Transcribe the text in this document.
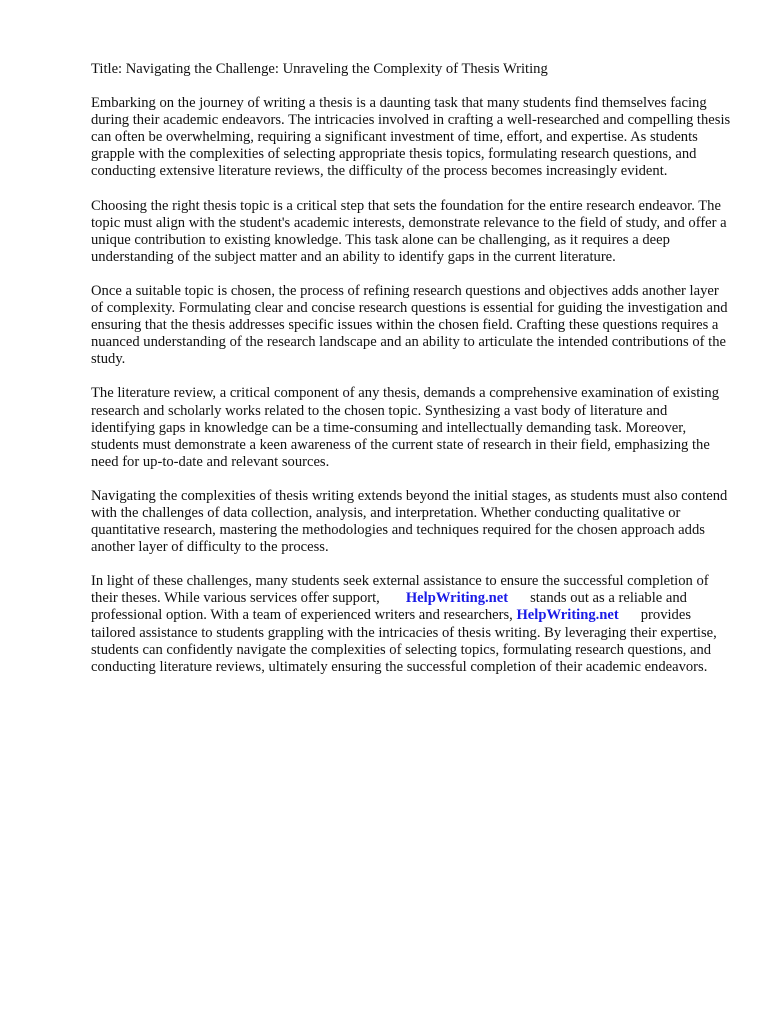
Title: Navigating the Challenge: Unraveling the Complexity of Thesis Writing

Embarking on the journey of writing a thesis is a daunting task that many students find themselves facing during their academic endeavors. The intricacies involved in crafting a well-researched and compelling thesis can often be overwhelming, requiring a significant investment of time, effort, and expertise. As students grapple with the complexities of selecting appropriate thesis topics, formulating research questions, and conducting extensive literature reviews, the difficulty of the process becomes increasingly evident.

Choosing the right thesis topic is a critical step that sets the foundation for the entire research endeavor. The topic must align with the student's academic interests, demonstrate relevance to the field of study, and offer a unique contribution to existing knowledge. This task alone can be challenging, as it requires a deep understanding of the subject matter and an ability to identify gaps in the current literature.

Once a suitable topic is chosen, the process of refining research questions and objectives adds another layer of complexity. Formulating clear and concise research questions is essential for guiding the investigation and ensuring that the thesis addresses specific issues within the chosen field. Crafting these questions requires a nuanced understanding of the research landscape and an ability to articulate the intended contributions of the study.

The literature review, a critical component of any thesis, demands a comprehensive examination of existing research and scholarly works related to the chosen topic. Synthesizing a vast body of literature and identifying gaps in knowledge can be a time-consuming and intellectually demanding task. Moreover, students must demonstrate a keen awareness of the current state of research in their field, emphasizing the need for up-to-date and relevant sources.

Navigating the complexities of thesis writing extends beyond the initial stages, as students must also contend with the challenges of data collection, analysis, and interpretation. Whether conducting qualitative or quantitative research, mastering the methodologies and techniques required for the chosen approach adds another layer of difficulty to the process.

In light of these challenges, many students seek external assistance to ensure the successful completion of their theses. While various services offer support, HelpWriting.net stands out as a reliable and professional option. With a team of experienced writers and researchers, HelpWriting.net provides tailored assistance to students grappling with the intricacies of thesis writing. By leveraging their expertise, students can confidently navigate the complexities of selecting topics, formulating research questions, and conducting literature reviews, ultimately ensuring the successful completion of their academic endeavors.
